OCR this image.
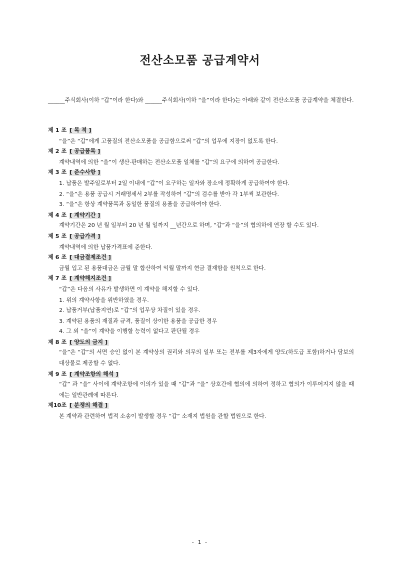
전산소모품 공급계약서
______주식회사(이하 “갑”이라 한다)와 ______주식회사(이하 “을”이라 한다)는 아래와 같이 전산소모품 공급계약을 체결한다.
제 1 조 [ 목 적 ]
“을”은 “갑”에게 고품질의 전산소모품을 공급함으로써 “갑”의 업무에 지장이 없도록 한다.
제 2 조 [ 공급품목 ]
계약내역에 의한 “을”이 생산·판매하는 전산소모품 일체를 “갑”의 요구에 의하여 공급한다.
제 3 조 [ 준수사항 ]
1. 납품은 발주일로부터 2일 이내에 “갑”이 요구하는 일자와 장소에 정확하게 공급하여야 한다.
2. “을”은 용품 공급시 거래명세서 2부를 작성하여 “갑”의 검수를 받아 각 1부씩 보관한다.
3. “을”은 항상 계약품목과 동일한 품질의 용품을 공급하여야 한다.
제 4 조 [ 계약기간 ]
계약기간은 20 년 월 일부터 20 년 월 일까지 __년간으로 하며, “갑”과 “을”의 협의하에 연장 할 수도 있다.
제 5 조 [ 공급가격 ]
계약내역에 의한 납품가격표에 준한다.
제 6 조 [ 대금결제조건 ]
금월 입고 된 용품대금은 금월 말 합산하여 익월 말까지 현금 결재함을 원칙으로 한다.
제 7 조 [ 계약해지조건 ]
“갑”은 다음의 사유가 발생하면 이 계약을 해지할 수 있다.
1. 위의 계약사항을 위반하였을 경우.
2. 납품거부(납품지연)로 “갑”의 업무상 차질이 있을 경우.
3. 계약된 용품의 재질과 규격, 품질이 상이한 용품을 공급한 경우
4. 그 외 “을”이 계약을 이행할 능력이 없다고 판단될 경우
제 8 조 [ 양도의 금지 ]
“을”은 “갑”의 서면 승인 없이 본 계약상의 권리와 의무의 일부 또는 전부를 제3자에게 양도(하도급 포함)하거나 담보의 대상물로 제공할 수 없다.
제 9 조 [ 계약조항의 해석 ]
“갑” 과 “을” 사이에 계약조항에 이의가 있을 때 “갑”과 “을” 상호간에 협의에 의하여 정하고 협의가 이루어지지 않을 때에는 일반관례에 따른다.
제10조 [ 분쟁의 해결 ]
본 계약과 관련하여 법적 소송이 발생할 경우 “갑” 소재지 법원을 관할 법원으로 한다.
- 1 -
